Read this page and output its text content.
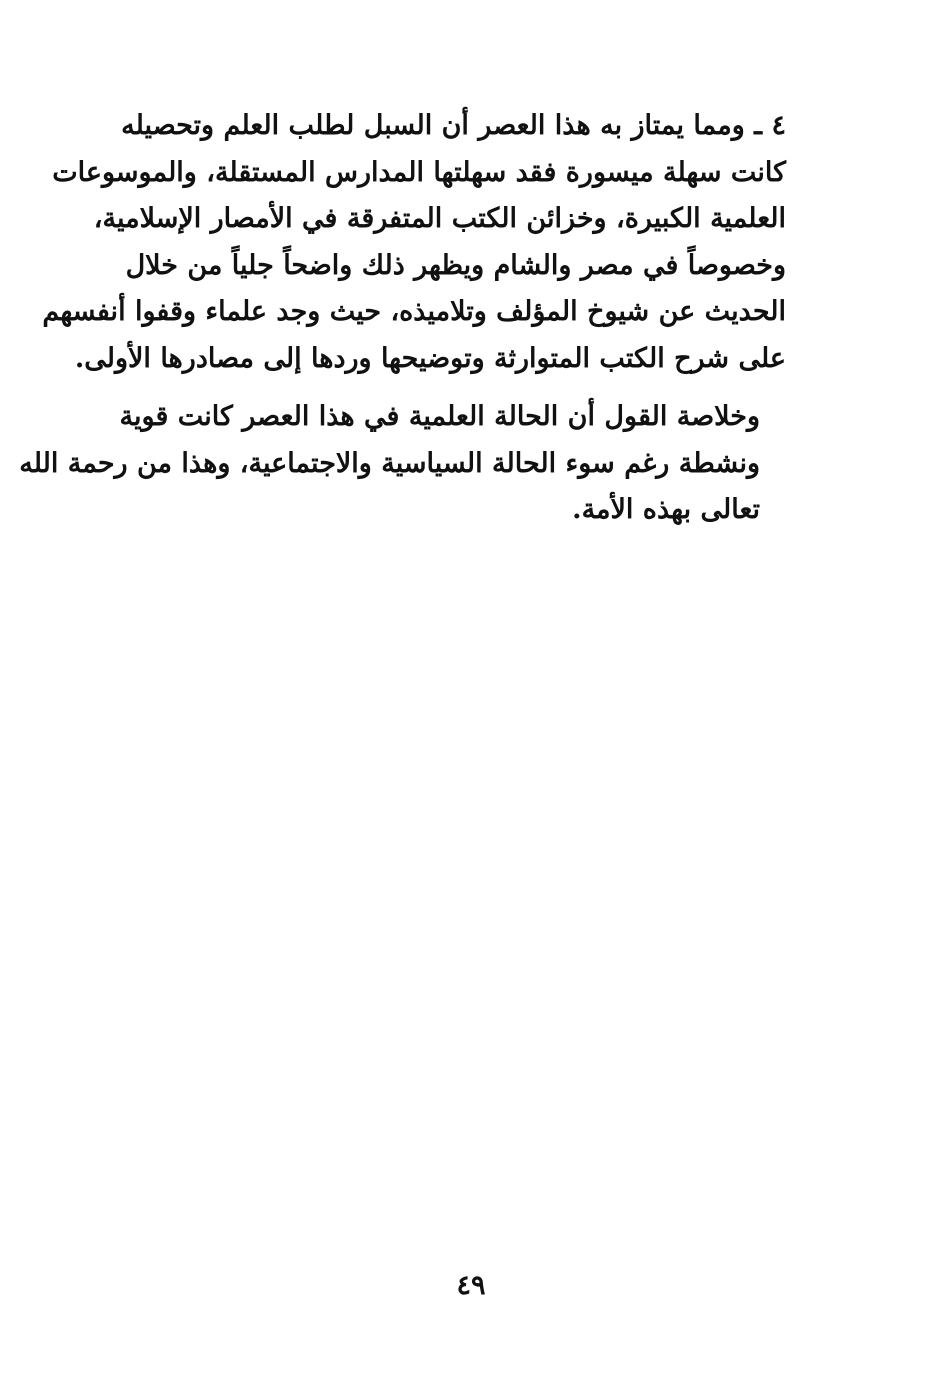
٤ ـ ومما يمتاز به هذا العصر أن السبل لطلب العلم وتحصيله
كانت سهلة ميسورة فقد سهلتها المدارس المستقلة، والموسوعات
العلمية الكبيرة، وخزائن الكتب المتفرقة في الأمصار الإسلامية،
وخصوصاً في مصر والشام ويظهر ذلك واضحاً جلياً من خلال
الحديث عن شيوخ المؤلف وتلاميذه، حيث وجد علماء وقفوا أنفسهم
على شرح الكتب المتوارثة وتوضيحها وردها إلى مصادرها الأولى.

وخلاصة القول أن الحالة العلمية في هذا العصر كانت قوية
ونشطة رغم سوء الحالة السياسية والاجتماعية، وهذا من رحمة الله
تعالى بهذه الأمة.

٤٩
